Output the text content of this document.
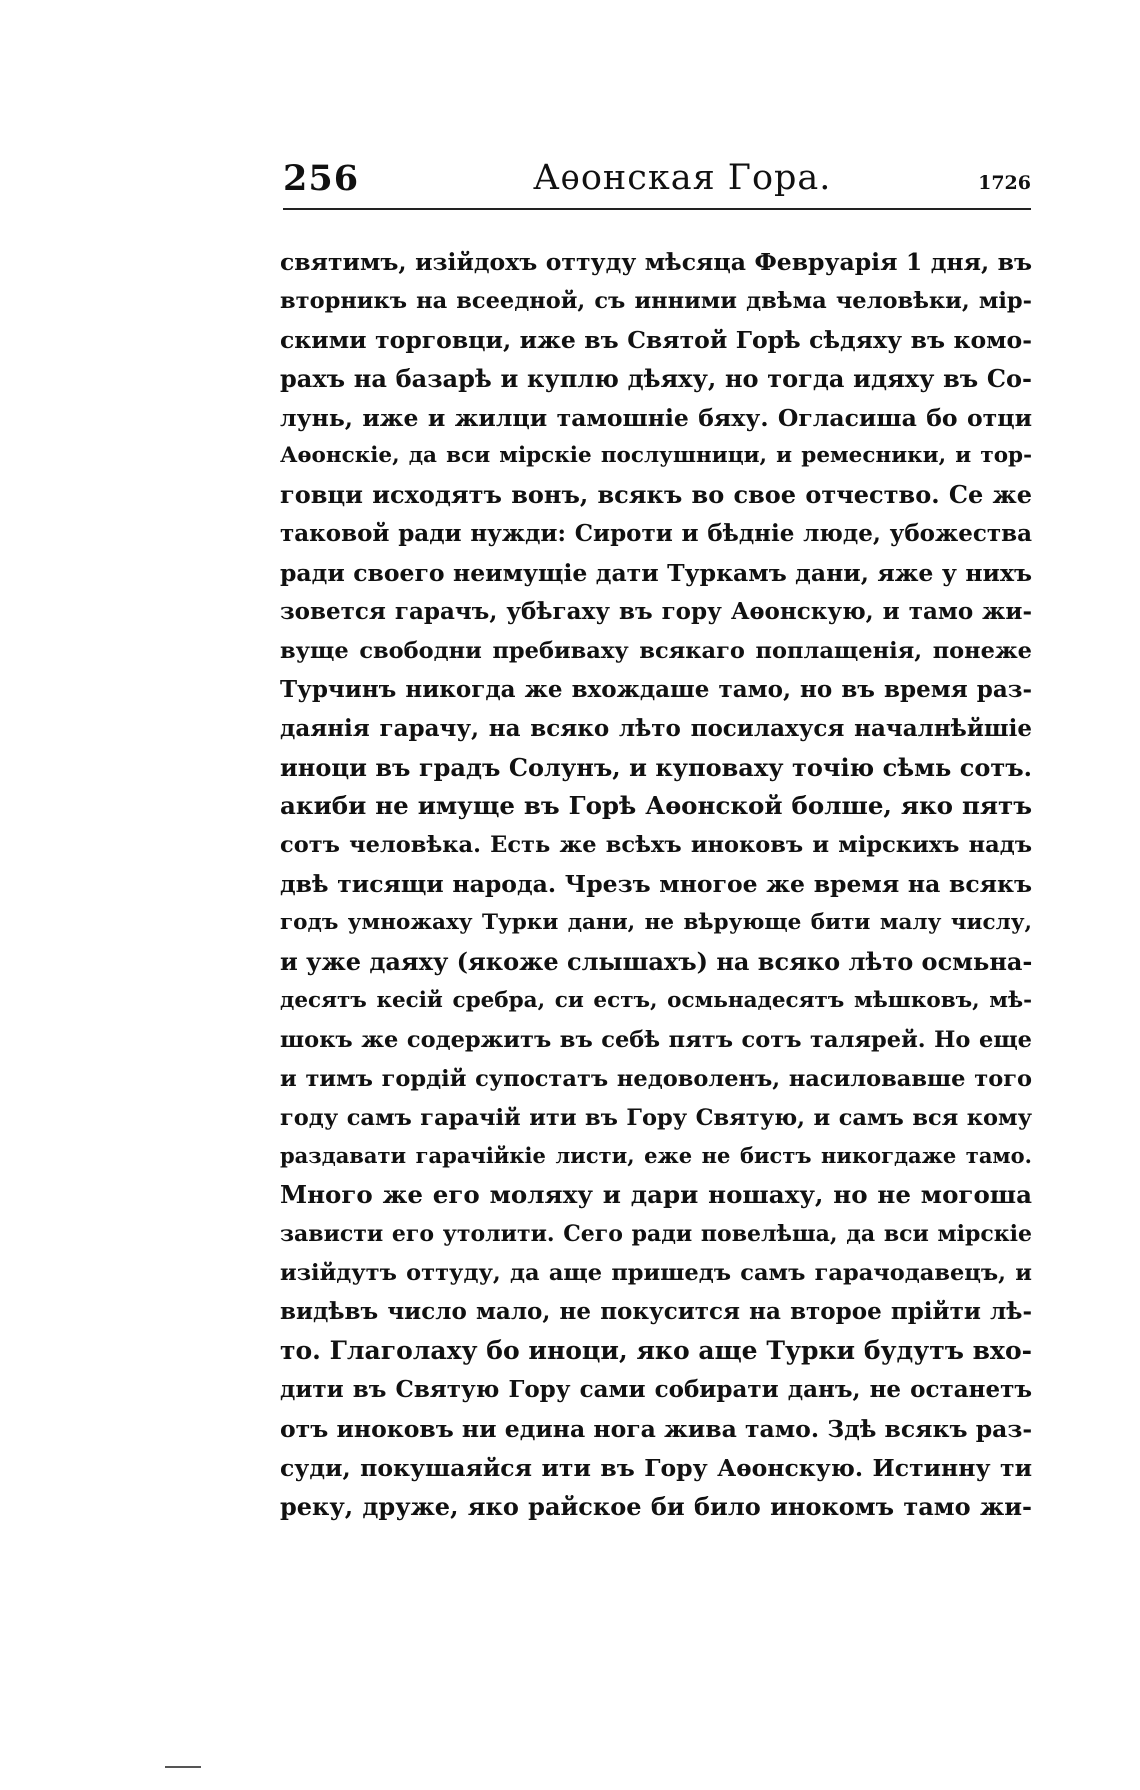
256	Аѳонская Гора.	1726
святимъ, изійдохъ оттуду мѣсяца Февруарія 1 дня, въ
вторникъ на всеедной, съ инними двѣма человѣки, мір-
скими торговци, иже въ Святой Горѣ сѣдяху въ комо-
рахъ на базарѣ и куплю дѣяху, но тогда идяху въ Со-
лунь, иже и жилци тамошніе бяху. Огласиша бо отци
Аѳонскіе, да вси мірскіе послушници, и ремесники, и тор-
говци исходятъ вонъ, всякъ во свое отчество. Се же
таковой ради нужди: Сироти и бѣдніе люде, убожества
ради своего неимущіе дати Туркамъ дани, яже у нихъ
зовется гарачъ, убѣгаху въ гору Аѳонскую, и тамо жи-
вуще свободни пребиваху всякаго поплащенія, понеже
Турчинъ никогда же вхождаше тамо, но въ время раз-
даянія гарачу, на всяко лѣто посилахуся началнѣйшіе
иноци въ градъ Солунъ, и куповаху точію сѣмь сотъ.
акиби не имуще въ Горѣ Аѳонской болше, яко пятъ
сотъ человѣка. Есть же всѣхъ иноковъ и мірскихъ надъ
двѣ тисящи народа. Чрезъ многое же время на всякъ
годъ умножаху Турки дани, не вѣрующе бити малу числу,
и уже даяху (якоже слышахъ) на всяко лѣто осмьна-
десятъ кесій сребра, си естъ, осмьнадесятъ мѣшковъ, мѣ-
шокъ же содержитъ въ себѣ пятъ сотъ талярей. Но еще
и тимъ гордій супостатъ недоволенъ, насиловавше того
году самъ гарачій ити въ Гору Святую, и самъ вся кому
раздавати гарачійкіе листи, еже не бистъ никогдаже тамо.
Много же его моляху и дари ношаху, но не могоша
зависти его утолити. Сего ради повелѣша, да вси мірскіе
изійдутъ оттуду, да аще пришедъ самъ гарачодавецъ, и
видѣвъ число мало, не покусится на второе прійти лѣ-
то. Глаголаху бо иноци, яко аще Турки будутъ вхо-
дити въ Святую Гору сами собирати данъ, не останетъ
отъ иноковъ ни едина нога жива тамо. Здѣ всякъ раз-
суди, покушаяйся ити въ Гору Аѳонскую. Истинну ти
реку, друже, яко райское би било инокомъ тамо жи-
